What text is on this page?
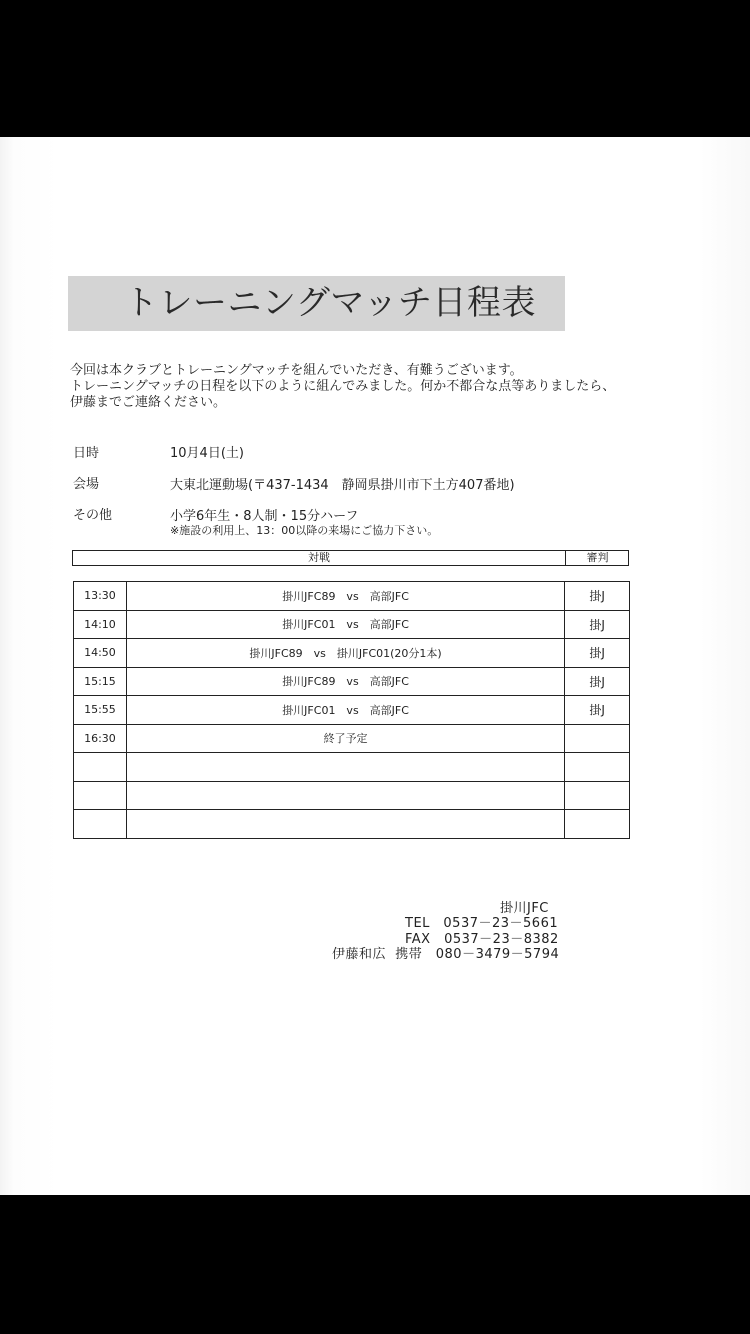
トレーニングマッチ日程表
今回は本クラブとトレーニングマッチを組んでいただき、有難うございます。
トレーニングマッチの日程を以下のように組んでみました。何か不都合な点等ありましたら、
伊藤までご連絡ください。
日時	10月4日(土)
会場	大東北運動場(〒437-1434　静岡県掛川市下土方407番地)
その他	小学6年生・8人制・15分ハーフ
※施設の利用上、13：00以降の来場にご協力下さい。
対戦	審判
13:30	掛川JFC89　vs　高部JFC	掛J
14:10	掛川JFC01　vs　高部JFC	掛J
14:50	掛川JFC89　vs　掛川JFC01(20分1本)	掛J
15:15	掛川JFC89　vs　高部JFC	掛J
15:55	掛川JFC01　vs　高部JFC	掛J
16:30	終了予定	

掛川JFC
TEL　0537－23－5661
FAX　0537－23－8382
伊藤和広  携帯　080－3479－5794
